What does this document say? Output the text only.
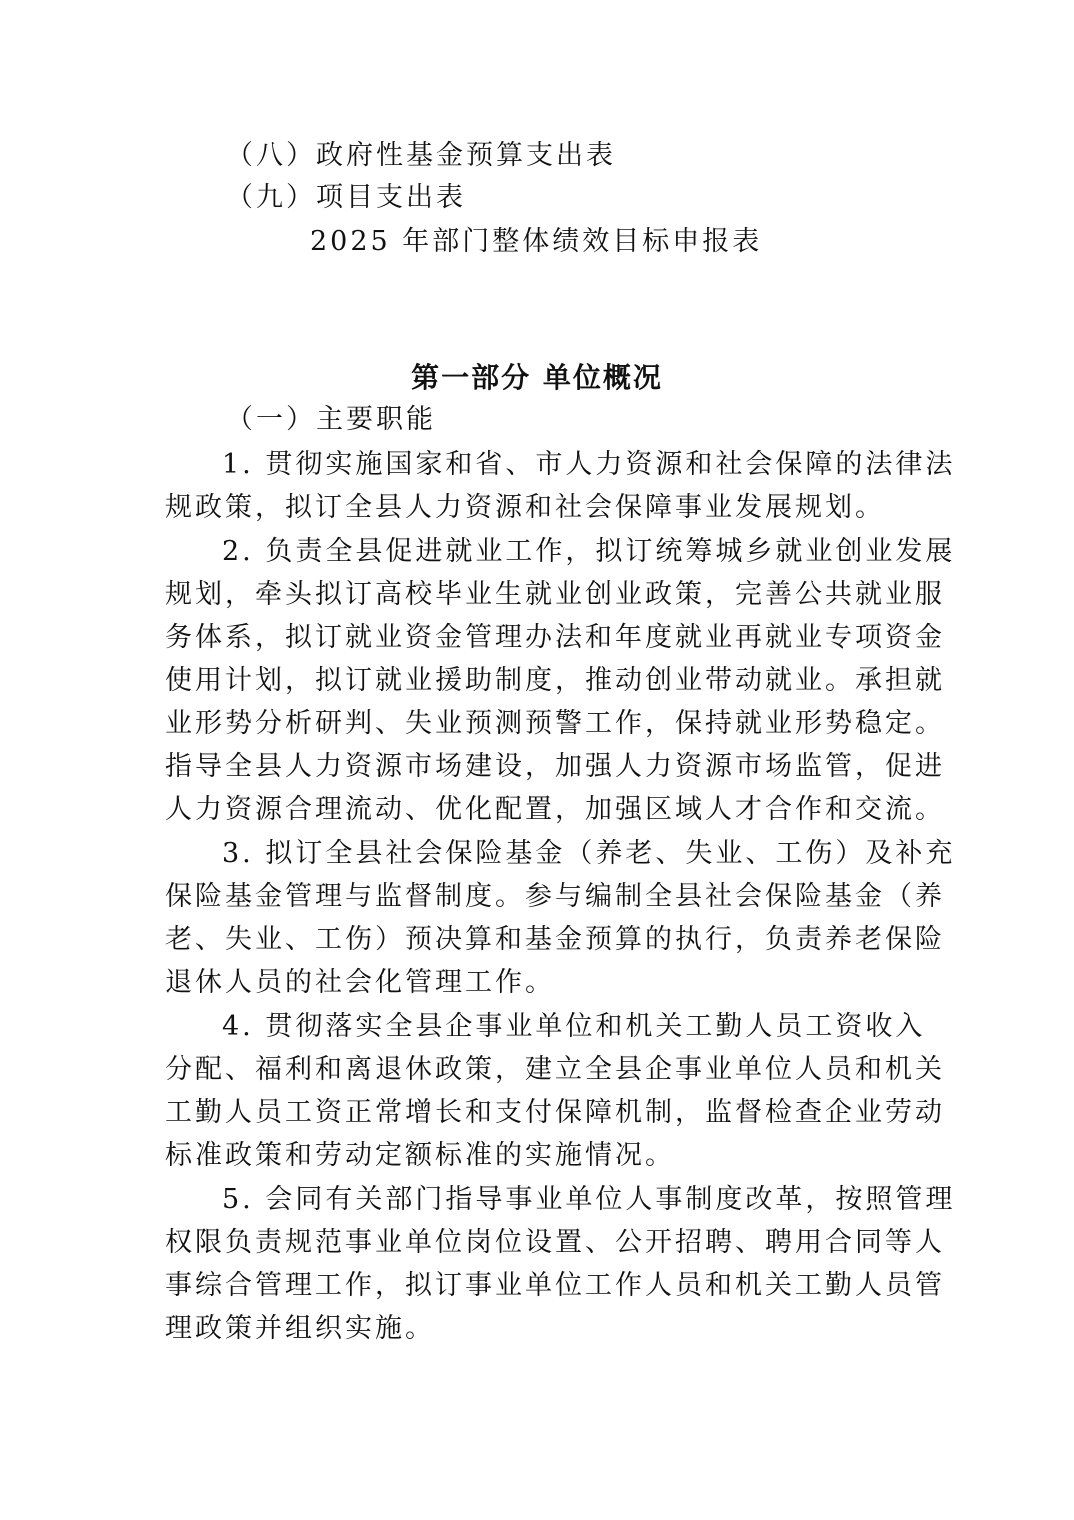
（八）政府性基金预算支出表
（九）项目支出表
2025 年部门整体绩效目标申报表
第一部分 单位概况
（一）主要职能
1. 贯彻实施国家和省、市人力资源和社会保障的法律法
规政策，拟订全县人力资源和社会保障事业发展规划。
2. 负责全县促进就业工作，拟订统筹城乡就业创业发展
规划，牵头拟订高校毕业生就业创业政策，完善公共就业服
务体系，拟订就业资金管理办法和年度就业再就业专项资金
使用计划，拟订就业援助制度，推动创业带动就业。承担就
业形势分析研判、失业预测预警工作，保持就业形势稳定。
指导全县人力资源市场建设，加强人力资源市场监管，促进
人力资源合理流动、优化配置，加强区域人才合作和交流。
3. 拟订全县社会保险基金（养老、失业、工伤）及补充
保险基金管理与监督制度。参与编制全县社会保险基金（养
老、失业、工伤）预决算和基金预算的执行，负责养老保险
退休人员的社会化管理工作。
4. 贯彻落实全县企事业单位和机关工勤人员工资收入
分配、福利和离退休政策，建立全县企事业单位人员和机关
工勤人员工资正常增长和支付保障机制，监督检查企业劳动
标准政策和劳动定额标准的实施情况。
5. 会同有关部门指导事业单位人事制度改革，按照管理
权限负责规范事业单位岗位设置、公开招聘、聘用合同等人
事综合管理工作，拟订事业单位工作人员和机关工勤人员管
理政策并组织实施。
